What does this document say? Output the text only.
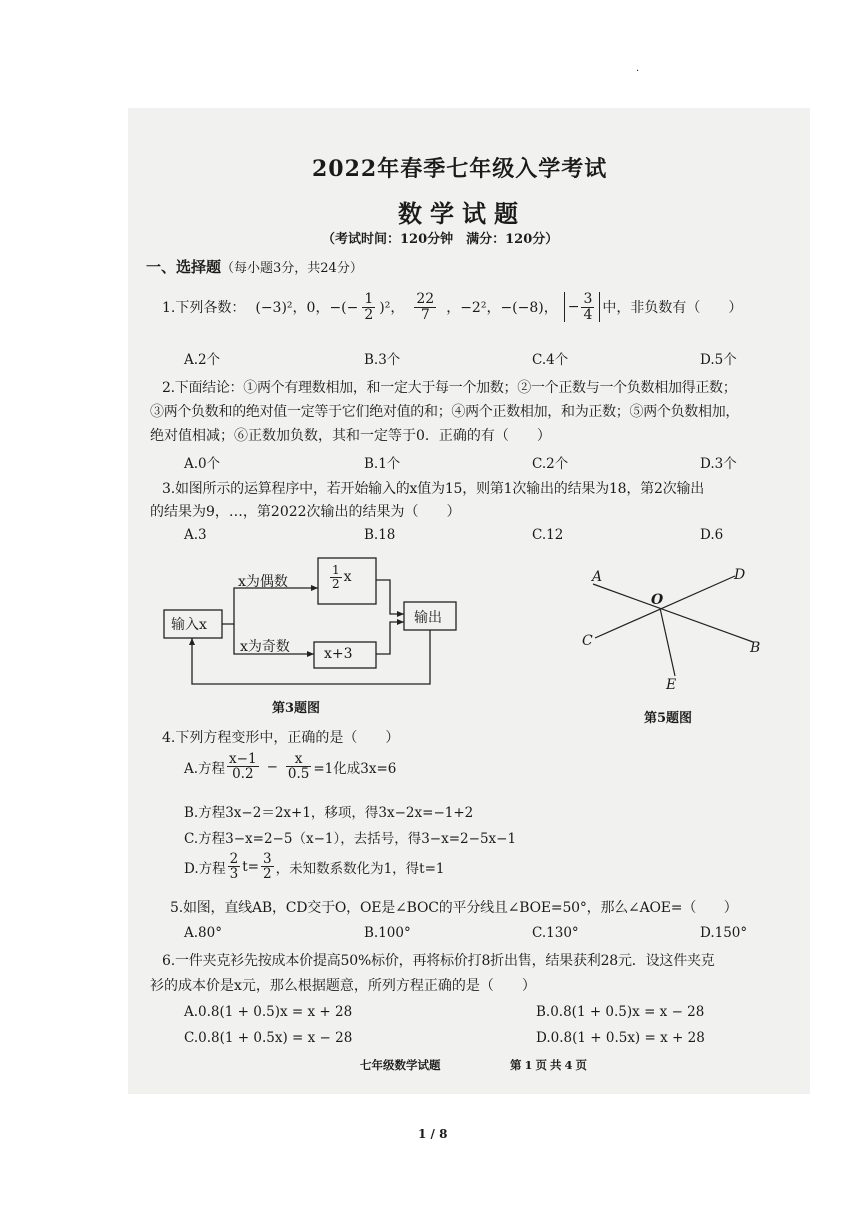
·
2022年春季七年级入学考试
数学试题
（考试时间：120分钟　满分：120分）
一、选择题（每小题3分，共24分）
1.下列各数： (−3)²，0，−(− $\frac{1}{2} )^2$， $\frac{22}{7}$ ，−2²，−(−8)， − $\frac{3}{4}$ 中，非负数有（　　）
A.2个	B.3个	C.4个	D.5个
2.下面结论：①两个有理数相加，和一定大于每一个加数；②一个正数与一个负数相加得正数；
③两个负数和的绝对值一定等于它们绝对值的和；④两个正数相加，和为正数；⑤两个负数相加，
绝对值相减；⑥正数加负数，其和一定等于0．正确的有（　　）
A.0个	B.1个	C.2个	D.3个
3.如图所示的运算程序中，若开始输入的x值为15，则第1次输出的结果为18，第2次输出
的结果为9，…，第2022次输出的结果为（　　）
A.3	B.18	C.12	D.6
输入x
x为偶数	$\frac{1}{2}$ x
x为奇数 x+3
输出
第3题图
A	D
O
C	B
E
第5题图
4.下列方程变形中，正确的是（　　）
A.方程 $\frac{x-1}{0.2} - \frac{x}{0.5} =1$化成3x=6
B.方程3x−2＝2x+1，移项，得3x−2x=−1+2
C.方程3−x=2−5（x−1），去括号，得3−x=2−5x−1
D.方程 $\frac{2}{3} t= \frac{3}{2}$ ，未知数系数化为1，得t=1
5.如图，直线AB，CD交于O，OE是∠BOC的平分线且∠BOE=50°，那么∠AOE=（　　）
A.80°	B.100°	C.130°	D.150°
6.一件夹克衫先按成本价提高50%标价，再将标价打8折出售，结果获利28元．设这件夹克
衫的成本价是x元，那么根据题意，所列方程正确的是（　　）
A.0.8(1 + 0.5)x = x + 28	B.0.8(1 + 0.5)x = x − 28
C.0.8(1 + 0.5x) = x − 28	D.0.8(1 + 0.5x) = x + 28
七年级数学试题	第1页共4页
1 / 8
